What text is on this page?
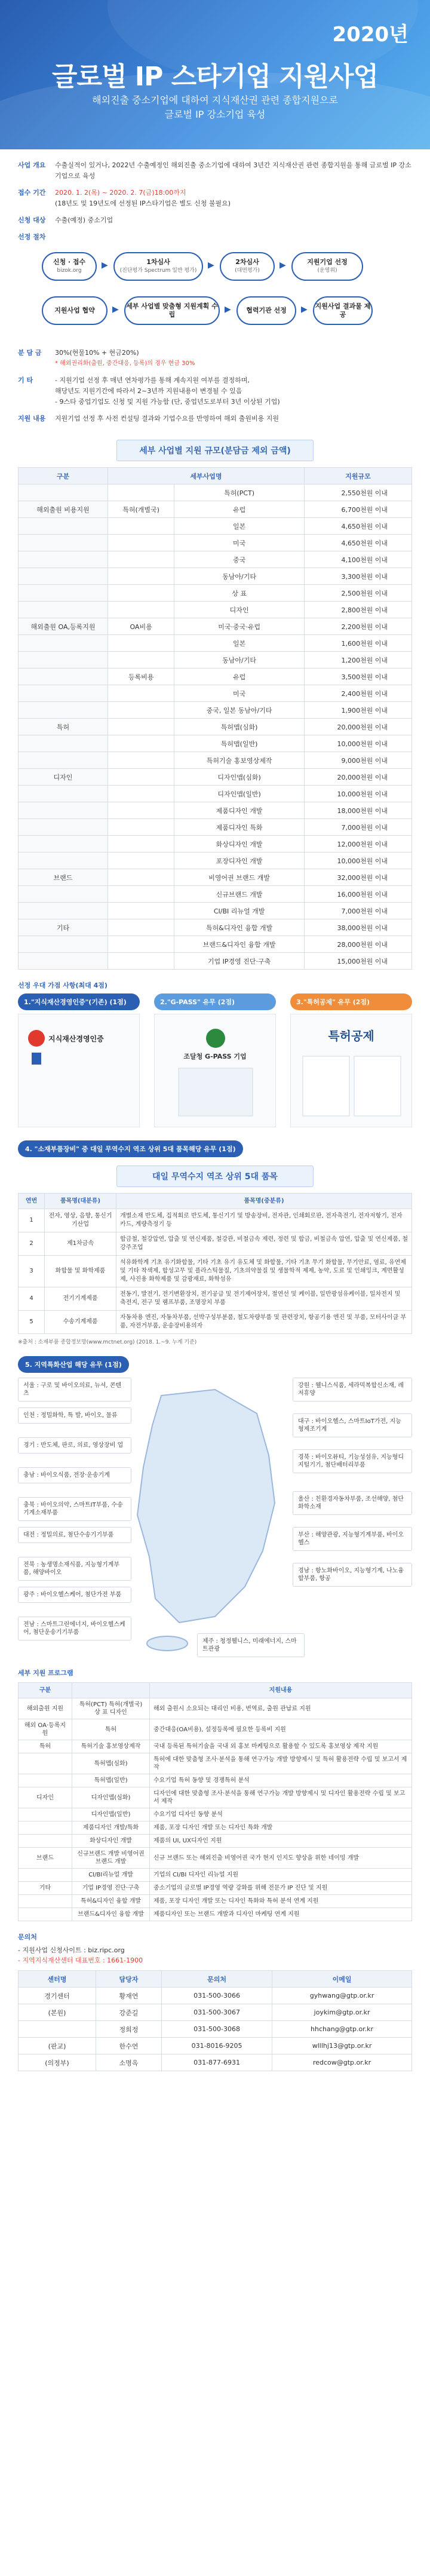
2020년
글로벌 IP 스타기업 지원사업
해외진출 중소기업에 대하여 지식재산권 관련 종합지원으로
글로벌 IP 강소기업 육성
사업 개요	수출실적이 있거나, 2022년 수출예정인 해외진출 중소기업에 대하여 3년간 지식재산권 관련 종합지원을 통해 글로벌 IP 강소기업으로 육성
접수 기간	2020. 1. 2(목) ~ 2020. 2. 7(금)18:00까지
(18년도 및 19년도에 선정된 IP스타기업은 별도 신청 불필요)
신청 대상	수출(예정) 중소기업
선정 절차
신청 · 접수
bizok.org
▶	1차심사
(진단평가 Spectrum 일반 평가)
▶	2차심사
(대면평가)
▶	지원기업 선정
(운영위)
지원사업 협약	▶ 세부 사업별 맞춤형 지원계획 수립
▶	협력기관 선정	▶ 지원사업 결과물 제공
분 담 금	30%(현물10% + 현금20%)
* 해외권리화(출원, 중간대응, 등록)의 경우 현금 30%
기 타	- 지원기업 선정 후 매년 연차평가를 통해 계속지원 여부를 결정하며,
해당년도 지원기간에 따라서 2~3년까 지원내용이 변경될 수 있음
- 9스타 중업기업도 신청 및 지원 가능함 (단, 중업년도로부터 3년 이상된 기업)
지원 내용	지원기업 선정 후 사전 컨설팅 결과와 기업수요를 반영하여 해외 출원비용 지원
세부 사업별 지원 규모(분담금 제외 금액)
구분	세부사업명		지원규모
		특허(PCT)	2,550천원 이내
해외출원 비용지원	특허(개별국)	유럽	6,700천원 이내
		일본	4,650천원 이내
		미국	4,650천원 이내
		중국	4,100천원 이내
		동남아/기타	3,300천원 이내
		상 표	2,500천원 이내
		디자인	2,800천원 이내
해외출원 OA,등록지원	OA비용	미국·중국·유럽	2,200천원 이내
		일본	1,600천원 이내
		동남아/기타	1,200천원 이내
	등록비용	유럽	3,500천원 이내
		미국	2,400천원 이내
		중국, 일본 동남아/기타	1,900천원 이내
특허		특허맵(심화)	20,000천원 이내
		특허맵(일반)	10,000천원 이내
		특허기술 홍보영상제작	9,000천원 이내
디자인		디자인맵(심화)	20,000천원 이내
		디자인맵(일반)	10,000천원 이내
		제품디자인 개발	18,000천원 이내
		제품디자인 특화	7,000천원 이내
		화상디자인 개발	12,000천원 이내
		포장디자인 개발	10,000천원 이내
브랜드		비영어권 브랜드 개발	32,000천원 이내
		신규브랜드 개발	16,000천원 이내
		CI/BI 리뉴얼 개발	7,000천원 이내
기타		특허&디자인 융합 개발	38,000천원 이내
		브랜드&디자인 융합 개발	28,000천원 이내
		기업 IP경영 진단·구축	15,000천원 이내
선정 우대 가점 사항(최대 4점)
1."지식재산경영인증"(기존) (1점)
지식재산경영인증
2."G-PASS" 유무 (2점)
조달청 G-PASS 기업
3."특허공제" 유무 (2점)
특허공제
4. "소재부품장비" 중 대일 무역수지 역조 상위 5대 품목해당 유무 (1점)
대일 무역수지 역조 상위 5대 품목
연번	품목명(대분류)	품목명(중분류)
1	전자, 영상, 음향, 통신기기산업	개별소재 반도체, 집적회로 반도체, 통신기기 및 방송장비, 전자관, 인쇄회로판, 전자축전기, 전자저항기, 전자카드, 계량측정기 등
2	제1차금속	합금철, 철강압연, 압출 및 연신제품, 철강관, 비철금속 제련, 정련 및 합금, 비철금속 압연, 압출 및 연신제품, 철강주조업
3	화합물 및 화학제품	석유화학계 기초 유기화합물, 기타 기초 유기 유도체 및 화합물, 기타 기초 무기 화합물, 무기안료, 염료, 유연제 및 기타 착색제, 합성고무 및 플라스틱물질, 기초의약물질 및 생물학적 제제, 농약, 도료 및 인쇄잉크, 계면활성제, 사진용 화학제품 및 감광재료, 화학섬유
4	전기기계제품	전동기, 발전기, 전기변환장치, 전기공급 및 전기제어장치, 절연선 및 케이블, 일반광섬유케이블, 일차전지 및 축전지, 전구 및 램프부품, 조명장치 부품
5	수송기계제품	자동차용 엔진, 자동차부품, 선박구성부분품, 철도차량부품 및 관련장치, 항공기용 엔진 및 부품, 모터사이클 부품, 자전거부품, 운송장비용의자
※출처 : 소재부품 종합정보망(www.mctnet.org) (2018. 1.~9. 누계 기준)
5. 지역특화산업 해당 유무 (1점)
서울 : 구로 및 바이오의료, 뉴셔, 콘텐츠
인천 : 정밀화학, 특 발, 바이오, 물류
경기 : 반도체, 판로, 의료, 영상장비 업
충남 : 바이오식품, 전장·운송기계
충북 : 바이오의약, 스마트IT부품, 수송기계소재부품
대전 : 정밀의료, 첨단수송기기부품
전북 : 농생명소재식품, 지능형기계부품, 해양바이오
광주 : 바이오헬스케어, 첨단가전 부품
전남 : 스마트그린에너지, 바이오헬스케어, 첨단운송기기부품
제주 : 청정웰니스, 미래에너지, 스마트관광
강원 : 웰니스식품, 세라믹복합신소재, 레저휴양
대구 : 바이오헬스, 스마트IoT가전, 지능형제조기계
경북 : 바이오뷰티, 기능성섬유, 지능형디지털기기, 첨단배터리부품
울산 : 친환경자동차부품, 조선해양, 첨단화학소재
부산 : 해양관광, 지능형기계부품, 바이오헬스
경남 : 항노화바이오, 지능형기계, 나노융합부품, 항공
세부 지원 프로그램
구분		지원내용
해외출원 지원	특허(PCT) 특허(개별국) 상 표 디자인	해외 출원시 소요되는 대리인 비용, 번역료, 출원 관납료 지원
해외 OA·등록지원	특허	중간대응(OA비용), 설정등록에 필요한 등록비 지원
특허	특허기술 홍보영상제작	국내 등록된 특허기술을 국내 외 홍보 마케팅으로 활용할 수 있도록 홍보영상 제작 지원
	특허맵(심화)	특허에 대한 맞춤형 조사·분석을 통해 연구가능 개발 방향제시 및 특허 활용전략 수립 및 보고서 제작
	특허맵(일반)	수요기업 특허 동향 및 경쟁특허 분석
디자인	디자인맵(심화)	디자인에 대한 맞춤형 조사·분석을 통해 연구가능 개발 방향제시 및 디자인 활용전략 수립 및 보고서 제작
	디자인맵(일반)	수요기업 디자인 동향 분석
	제품디자인 개발/특화	제품, 포장 디자인 개발 또는 디자인 특화 개발
	화상디자인 개발	제품의 UI, UX디자인 지원
브랜드	신규브랜드 개발 비영어권브랜드 개발	신규 브랜드 또는 해외진출 비영어권 국가 현지 인지도 향상을 위한 네이밍 개발
	CI/BI리뉴얼 개발	기업의 CI/BI 디자인 리뉴얼 지원
기타	기업 IP경영 진단·구축	중소기업의 글로벌 IP경영 역량 강화를 위해 전문가 IP 진단 및 지원
	특허&디자인 융합 개발	제품, 포장 디자인 개발 또는 디자인 특화와 특허 분석 연계 지원
	브랜드&디자인 융합 개발	제품디자인 또는 브랜드 개발과 디자인 마케팅 연계 지원
문의처

- 지원사업 신청사이트 : biz.ripc.org

- 지역지식재산센터 대표번호 : 1661-1900

센터명	담당자	문의처	이메일
경기센터	황재연	031-500-3066	gyhwang@gtp.or.kr
(본원)	강준길	031-500-3067	joykim@gtp.or.kr
	정희정	031-500-3068	hhchang@gtp.or.kr
(판교)	한수연	031-8016-9205	wlllhj13@gtp.or.kr
(의정부)	소명옥	031-877-6931	redcow@gtp.or.kr
